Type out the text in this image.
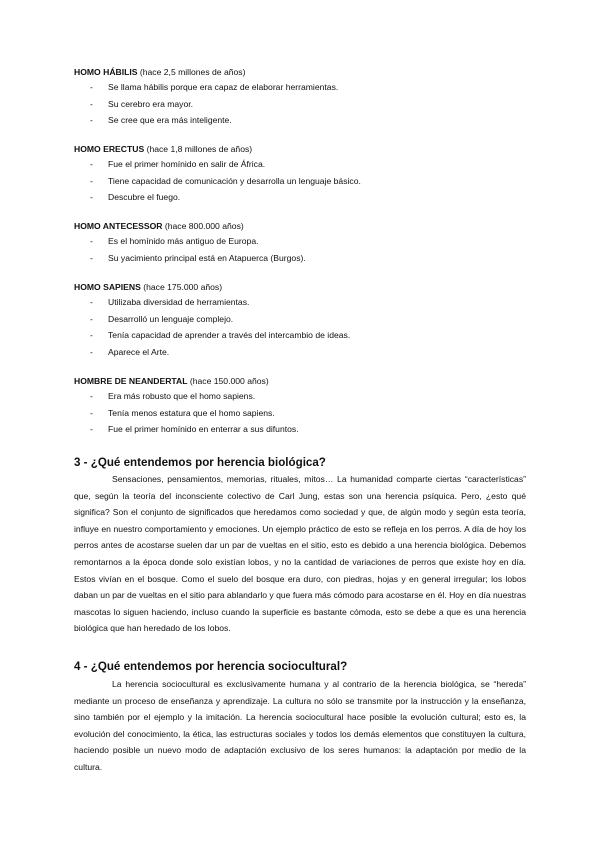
HOMO HÁBILIS (hace 2,5 millones de años)
- Se llama hábilis porque era capaz de elaborar herramientas.
- Su cerebro era mayor.
- Se cree que era más inteligente.
HOMO ERECTUS (hace 1,8 millones de años)
- Fue el primer homínido en salir de África.
- Tiene capacidad de comunicación y desarrolla un lenguaje básico.
- Descubre el fuego.
HOMO ANTECESSOR (hace 800.000 años)
- Es el homínido más antiguo de Europa.
- Su yacimiento principal está en Atapuerca (Burgos).
HOMO SAPIENS (hace 175.000 años)
- Utilizaba diversidad de herramientas.
- Desarrolló un lenguaje complejo.
- Tenía capacidad de aprender a través del intercambio de ideas.
- Aparece el Arte.
HOMBRE DE NEANDERTAL (hace 150.000 años)
- Era más robusto que el homo sapiens.
- Tenía menos estatura que el homo sapiens.
- Fue el primer homínido en enterrar a sus difuntos.
3 - ¿Qué entendemos por herencia biológica?

Sensaciones, pensamientos, memorias, rituales, mitos… La humanidad comparte ciertas “características” que, según la teoría del inconsciente colectivo de Carl Jung, estas son una herencia psíquica. Pero, ¿esto qué significa? Son el conjunto de significados que heredamos como sociedad y que, de algún modo y según esta teoría, influye en nuestro comportamiento y emociones. Un ejemplo práctico de esto se refleja en los perros. A día de hoy los perros antes de acostarse suelen dar un par de vueltas en el sitio, esto es debido a una herencia biológica. Debemos remontarnos a la época donde solo existían lobos, y no la cantidad de variaciones de perros que existe hoy en día. Estos vivían en el bosque. Como el suelo del bosque era duro, con piedras, hojas y en general irregular; los lobos daban un par de vueltas en el sitio para ablandarlo y que fuera más cómodo para acostarse en él. Hoy en día nuestras mascotas lo siguen haciendo, incluso cuando la superficie es bastante cómoda, esto se debe a que es una herencia biológica que han heredado de los lobos.

4 - ¿Qué entendemos por herencia sociocultural?

La herencia sociocultural es exclusivamente humana y al contrario de la herencia biológica, se “hereda” mediante un proceso de enseñanza y aprendizaje. La cultura no sólo se transmite por la instrucción y la enseñanza, sino también por el ejemplo y la imitación. La herencia sociocultural hace posible la evolución cultural; esto es, la evolución del conocimiento, la ética, las estructuras sociales y todos los demás elementos que constituyen la cultura, haciendo posible un nuevo modo de adaptación exclusivo de los seres humanos: la adaptación por medio de la cultura.
